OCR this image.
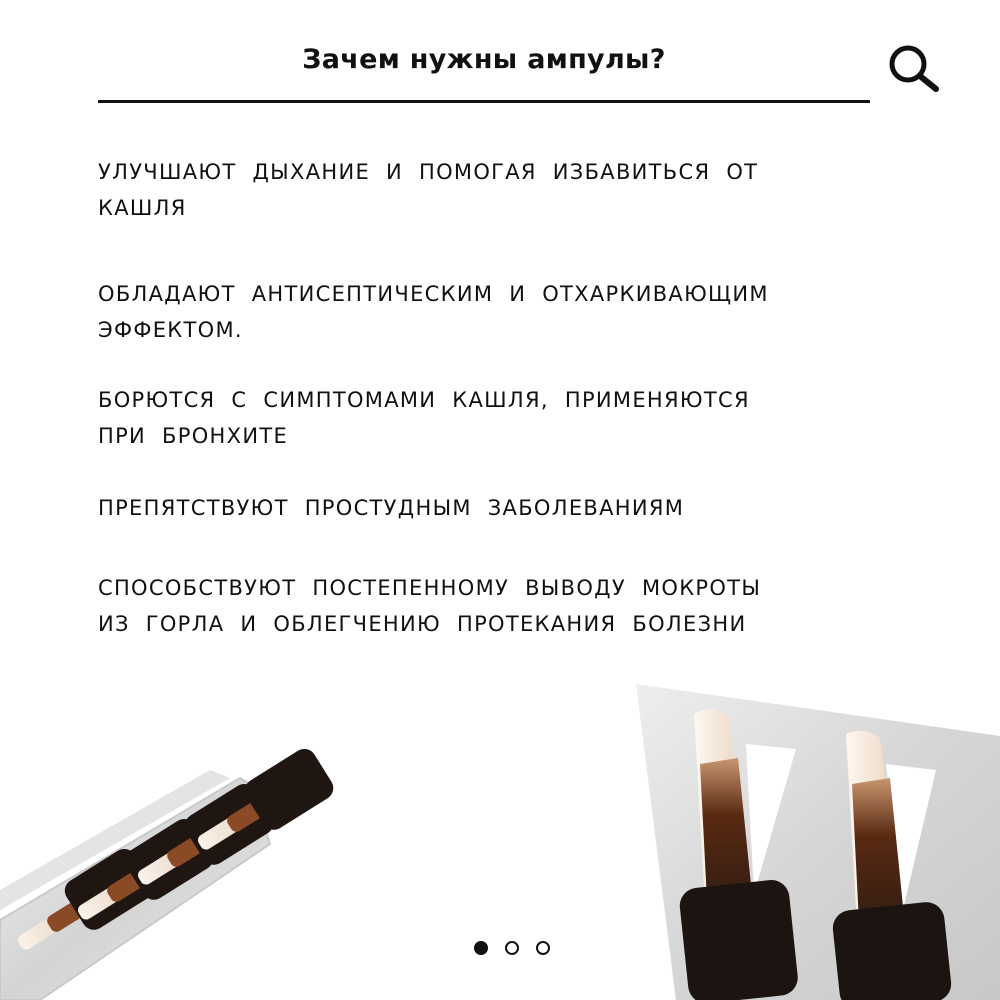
Зачем нужны ампулы?

УЛУЧШАЮТ ДЫХАНИЕ И ПОМОГАЯ ИЗБАВИТЬСЯ ОТ КАШЛЯ

ОБЛАДАЮТ АНТИСЕПТИЧЕСКИМ И ОТХАРКИВАЮЩИМ ЭФФЕКТОМ.

БОРЮТСЯ С СИМПТОМАМИ КАШЛЯ, ПРИМЕНЯЮТСЯ ПРИ БРОНХИТЕ

ПРЕПЯТСТВУЮТ ПРОСТУДНЫМ ЗАБОЛЕВАНИЯМ

СПОСОБСТВУЮТ ПОСТЕПЕННОМУ ВЫВОДУ МОКРОТЫ ИЗ ГОРЛА И ОБЛЕГЧЕНИЮ ПРОТЕКАНИЯ БОЛЕЗНИ
